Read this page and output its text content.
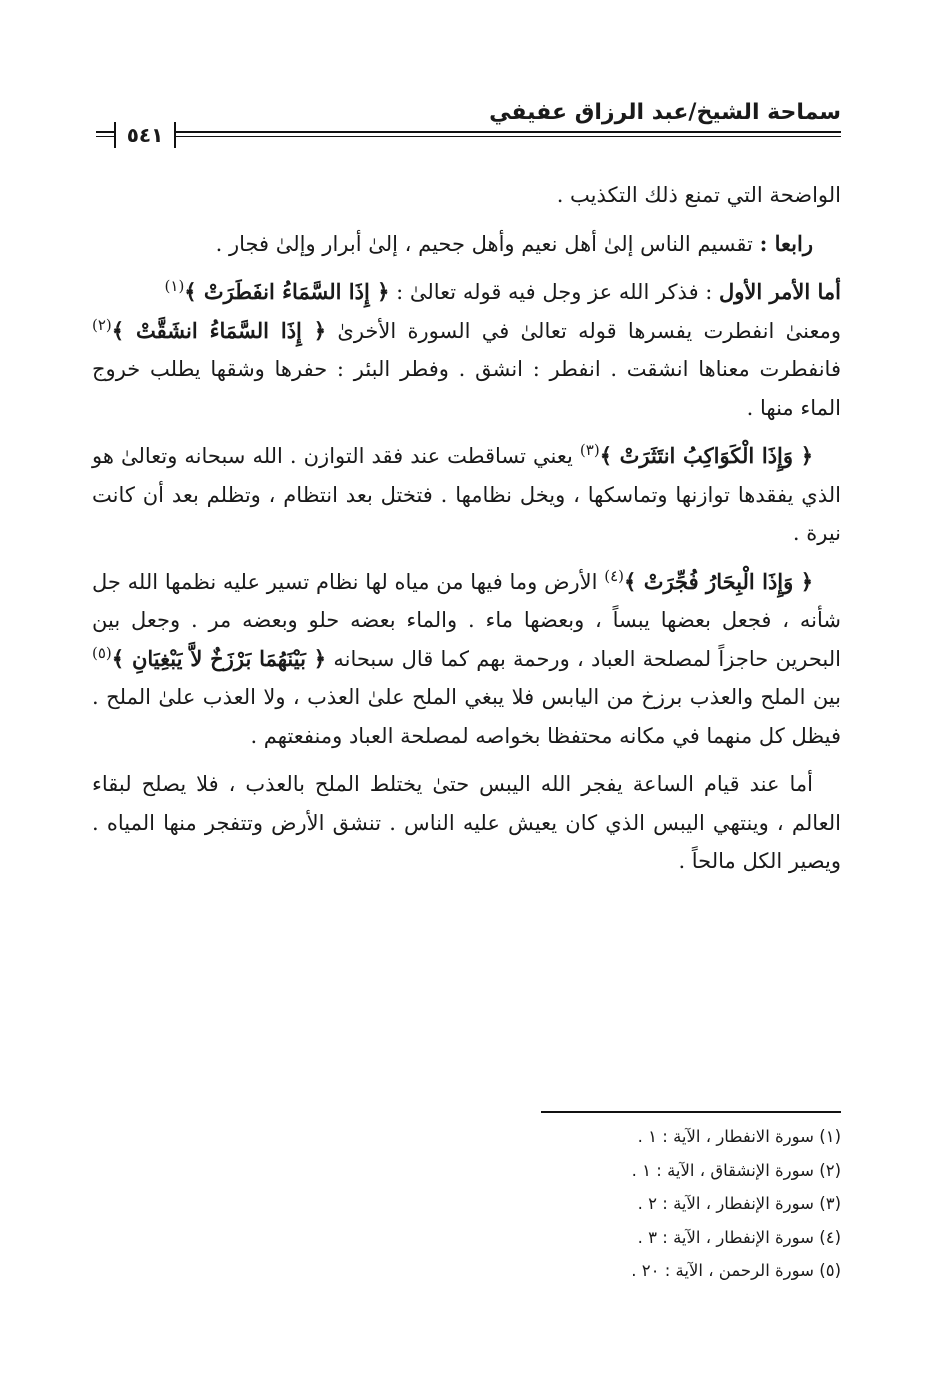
سماحة الشيخ/عبد الرزاق عفيفي
٥٤١

الواضحة التي تمنع ذلك التكذيب .

رابعا : تقسيم الناس إلىٰ أهل نعيم وأهل جحيم ، إلىٰ أبرار وإلىٰ فجار .

أما الأمر الأول : فذكر الله عز وجل فيه قوله تعالىٰ : ﴿ إِذَا السَّمَاءُ انفَطَرَتْ ﴾$^{(١)}$

ومعنىٰ انفطرت يفسرها قوله تعالىٰ في السورة الأخرىٰ ﴿ إِذَا السَّمَاءُ انشَقَّتْ ﴾$^{(٢)}$ فانفطرت معناها انشقت . انفطر : انشق . وفطر البئر : حفرها وشقها يطلب خروج الماء منها .

﴿ وَإِذَا الْكَوَاكِبُ انتَثَرَتْ ﴾$^{(٣)}$ يعني تساقطت عند فقد التوازن . الله سبحانه وتعالىٰ هو الذي يفقدها توازنها وتماسكها ، ويخل نظامها . فتختل بعد انتظام ، وتظلم بعد أن كانت نيرة .

﴿ وَإِذَا الْبِحَارُ فُجِّرَتْ ﴾$^{(٤)}$ الأرض وما فيها من مياه لها نظام تسير عليه نظمها الله جل شأنه ، فجعل بعضها يبساً ، وبعضها ماء . والماء بعضه حلو وبعضه مر . وجعل بين البحرين حاجزاً لمصلحة العباد ، ورحمة بهم كما قال سبحانه ﴿ بَيْنَهُمَا بَرْزَخٌ لاَّ يَبْغِيَانِ ﴾$^{(٥)}$ بين الملح والعذب برزخ من اليابس فلا يبغي الملح علىٰ العذب ، ولا العذب علىٰ الملح . فيظل كل منهما في مكانه محتفظا بخواصه لمصلحة العباد ومنفعتهم .

أما عند قيام الساعة يفجر الله اليبس حتىٰ يختلط الملح بالعذب ، فلا يصلح لبقاء العالم ، وينتهي اليبس الذي كان يعيش عليه الناس . تنشق الأرض وتتفجر منها المياه . ويصير الكل مالحاً .

(١) سورة الانفطار ، الآية : ١ .
(٢) سورة الإنشقاق ، الآية : ١ .
(٣) سورة الإنفطار ، الآية : ٢ .
(٤) سورة الإنفطار ، الآية : ٣ .
(٥) سورة الرحمن ، الآية : ٢٠ .
